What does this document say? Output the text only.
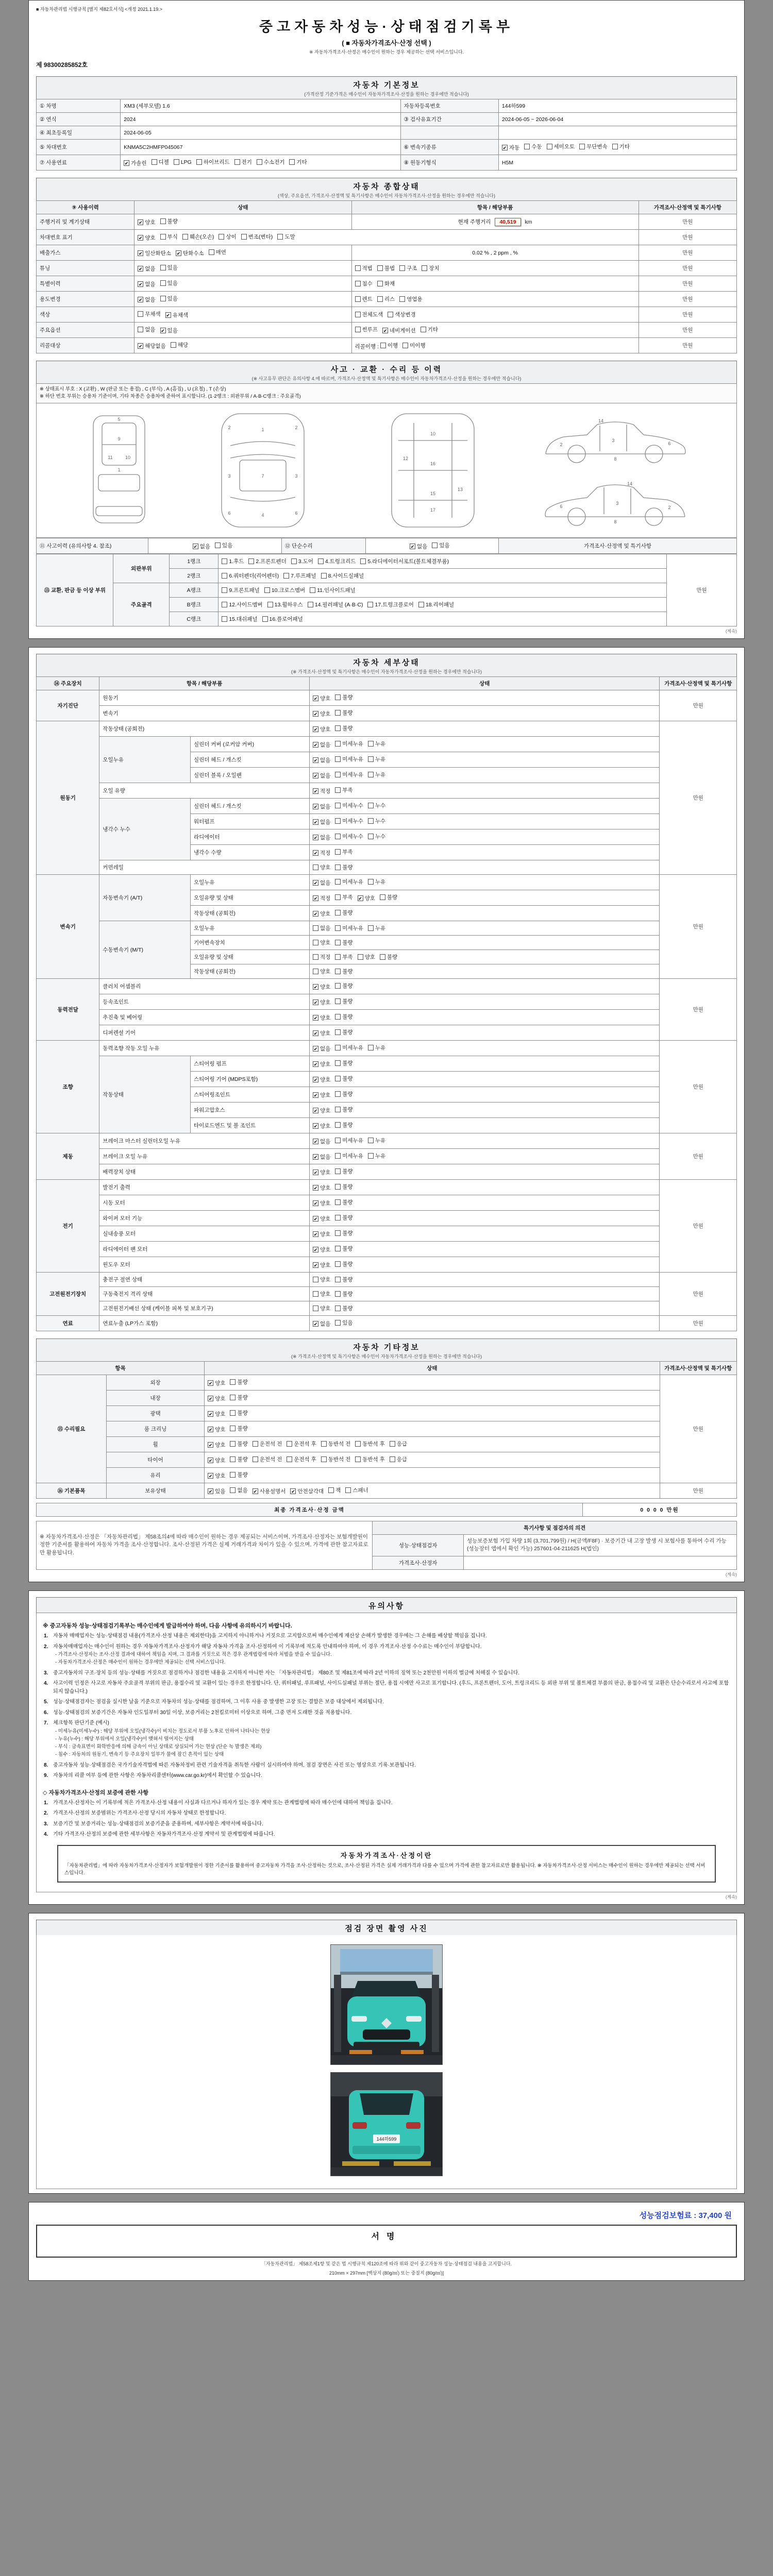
■ 자동차관리법 시행규칙 [별지 제82호서식] <개정 2021.1.19.>
중고자동차성능·상태점검기록부
( ■ 자동차가격조사·산정 선택 )
※ 자동차가격조사·산정은 매수인이 원하는 경우 제공하는 선택 서비스입니다.
제 98300285852호
자동차 기본정보
(가격산정 기준가격은 매수인이 자동차가격조사·산정을 원하는 경우에만 적습니다)
① 차명	XM3 (세부모델) 1.6	자동차등록번호	144하599
② 연식	2024	③ 검사유효기간	2024-06-05 ~ 2026-06-04
④ 최초등록일	2024-06-05		
⑤ 차대번호	KNMA5C2HMFP045067	⑥ 변속기종류	✔ 자동 수동 세미오토 무단변속 기타

⑦ 사용연료	✔ 가솔린 디젤 LPG 하이브리드 전기 수소전기 기타	⑧ 원동기형식	H5M
자동차 종합상태
(색상, 주요옵션, 가격조사·산정액 및 특기사항은 매수인이 자동차가격조사·산정을 원하는 경우에만 적습니다)
⑨ 사용이력	상태	항목 / 해당부품	가격조사·산정액 및 특기사항
주행거리 및 계기상태	✔ 양호 불량	현재 주행거리 40,519 km	만원
차대번호 표기	✔ 양호 부식 훼손(오손) 상이 변조(변타) 도말	만원
배출가스	✔ 일산화탄소 ✔ 탄화수소 매연	0.02 % , 2 ppm , %	만원
튜닝	✔ 없음 있음	적법 불법 구조 장치	만원
특별이력	✔ 없음 있음	침수 화재	만원
용도변경	✔ 없음 있음	렌트 리스 영업용	만원
색상	무채색 ✔ 유채색	전체도색 색상변경	만원
주요옵션	없음 ✔ 있음	썬루프 ✔ 네비게이션 기타	만원
리콜대상	✔ 해당없음 해당	리콜이행 : 이행 미이행	만원
사고 · 교환 · 수리 등 이력
(※ 사고유무 판단은 유의사항 4.에 따르며, 가격조사·산정액 및 특기사항은 매수인이 자동차가격조사·산정을 원하는 경우에만 적습니다)
※ 상태표시 부호 : X (교환) , W (판금 또는 용접) , C (부식) , A (흠집) , U (요철) , T (손상)
※ 하단 번호 부위는 승용차 기준이며, 기타 차종은 승용차에 준하여 표시합니다. (1·2랭크 : 외판부위 / A·B·C랭크 : 주요골격)
5
9
11	10
1
1
7
4
3	3
2	2
6	6
10
16
17
12
13
15
2
3
6
8
14
2
3
6
8
14
⑪ 사고이력 (유의사항 4. 참조)	✔ 없음 있음	⑫ 단순수리	✔ 없음 있음	가격조사·산정액 및 특기사항
⑬ 교환, 판금 등 이상 부위	외판부위	1랭크	1.후드 2.프론트펜더 3.도어 4.트렁크리드 5.라디에이터서포트(볼트체결부품)	만원
		2랭크	6.쿼터펜더(리어펜더) 7.루프패널 8.사이드실패널	

	주요골격	A랭크	9.프론트패널 10.크로스멤버 11.인사이드패널	

		B랭크	12.사이드멤버 13.휠하우스 14.필러패널 (A·B·C) 17.트렁크플로어 18.리어패널	

		C랭크	15.대쉬패널 16.플로어패널	
(계속)
자동차 세부상태
(※ 가격조사·산정액 및 특기사항은 매수인이 자동차가격조사·산정을 원하는 경우에만 적습니다)
⑭ 주요장치	항목 / 해당부품		상태	가격조사·산정액 및 특기사항
자기진단	원동기		✔ 양호 불량	만원
	변속기		✔ 양호 불량	

원동기	작동상태 (공회전)		✔ 양호 불량	만원
	오일누유	실린더 커버 (로커암 커버)	✔ 없음 미세누유 누유	

		실린더 헤드 / 개스킷	✔ 없음 미세누유 누유	

		실린더 블록 / 오일팬	✔ 없음 미세누유 누유	

	오일 유량		✔ 적정 부족	

	냉각수 누수	실린더 헤드 / 개스킷	✔ 없음 미세누수 누수	

		워터펌프	✔ 없음 미세누수 누수	

		라디에이터	✔ 없음 미세누수 누수	

		냉각수 수량	✔ 적정 부족	

	커먼레일		양호 불량	

변속기	자동변속기 (A/T)	오일누유	✔ 없음 미세누유 누유	만원
오일유량 및 상태	✔ 적정 부족 ✔ 양호 불량

		작동상태 (공회전)	✔ 양호 불량	

	수동변속기 (M/T)	오일누유	없음 미세누유 누유	

		기어변속장치	양호 불량	

		오일유량 및 상태	적정 부족 양호 불량	

		작동상태 (공회전)	양호 불량	

동력전달	클러치 어셈블리		✔ 양호 불량	만원
	등속조인트		✔ 양호 불량	

	추진축 및 베어링		✔ 양호 불량	

	디퍼렌셜 기어		✔ 양호 불량	

조향	동력조향 작동 오일 누유		✔ 없음 미세누유 누유	만원
	작동상태	스티어링 펌프	✔ 양호 불량	

		스티어링 기어 (MDPS포함)	✔ 양호 불량	

		스티어링조인트	✔ 양호 불량	

		파워고압호스	✔ 양호 불량	

		타이로드엔드 및 볼 조인트	✔ 양호 불량	

제동	브레이크 마스터 실린더오일 누유		✔ 없음 미세누유 누유	만원
	브레이크 오일 누유		✔ 없음 미세누유 누유	

	배력장치 상태		✔ 양호 불량	

전기	발전기 출력		✔ 양호 불량	만원
	시동 모터		✔ 양호 불량	

	와이퍼 모터 기능		✔ 양호 불량	

	실내송풍 모터		✔ 양호 불량	

	라디에이터 팬 모터		✔ 양호 불량	

	윈도우 모터		✔ 양호 불량	

고전원전기장치	충전구 절연 상태		양호 불량	만원
	구동축전지 격리 상태		양호 불량	

	고전원전기배선 상태 (케이블 피복 및 보호기구)		양호 불량	

연료	연료누출 (LP가스 포함)		✔ 없음 있음	만원
자동차 기타정보
(※ 가격조사·산정액 및 특기사항은 매수인이 자동차가격조사·산정을 원하는 경우에만 적습니다)
항목		상태	가격조사·산정액 및 특기사항
⑮ 수리필요	외장	✔ 양호 불량	만원
	내장	✔ 양호 불량	

	광택	✔ 양호 불량	

	룸 크리닝	✔ 양호 불량	

휠	✔ 양호 불량 운전석 전 운전석 후 동반석 전 동반석 후 응급

타이어	✔ 양호 불량 운전석 전 운전석 후 동반석 전 동반석 후 응급

	유리	✔ 양호 불량	

⑯ 기본품목	보유상태	✔ 있음 없음 ✔ 사용설명서 ✔ 안전삼각대 잭 스패너	만원
최종 가격조사·산정 금액	0 0 0 0 만원
※ 자동차가격조사·산정은 「자동차관리법」 제58조의4에 따라 매수인이 원하는 경우 제공되는 서비스이며, 가격조사·산정자는 보험개발원이 정한 기준서를 활용하여 자동차 가격을 조사·산정합니다. 조사·산정된 가격은 실제 거래가격과 차이가 있을 수 있으며, 가격에 관한 참고자료로만 활용됩니다.	특기사항 및 점검자의 의견	
	성능·상태점검자	성능보증보험 가입 차량 1회 (3,701,799원) / H(금액/F8F) · 보증기간 내 고장 발생 시 보험사를 통하여 수리 가능 (성능장터 앱에서 확인 가능) 257601-04-211625 H(법인)
	가격조사·산정자	
(계속)
유의사항
※ 중고자동차 성능·상태점검기록부는 매수인에게 발급하여야 하며, 다음 사항에 유의하시기 바랍니다.
1. 자동차 매매업자는 성능·상태점검 내용(가격조사·산정 내용은 제외한다)을 고지하지 아니하거나 거짓으로 고지함으로써 매수인에게 재산상 손해가 발생한 경우에는 그 손해를 배상할 책임을 집니다.
2. 자동차매매업자는 매수인이 원하는 경우 자동차가격조사·산정자가 해당 자동차 가격을 조사·산정하여 이 기록부에 적도록 안내하여야 하며, 이 경우 가격조사·산정 수수료는 매수인이 부담합니다.
- 가격조사·산정자는 조사·산정 결과에 대하여 책임을 지며, 그 결과를 거짓으로 적은 경우 관계법령에 따라 처벌을 받을 수 있습니다.
- 자동차가격조사·산정은 매수인이 원하는 경우에만 제공되는 선택 서비스입니다.
3. 중고자동차의 구조·장치 등의 성능·상태를 거짓으로 점검하거나 점검한 내용을 고지하지 아니한 자는 「자동차관리법」 제80조 및 제81조에 따라 2년 이하의 징역 또는 2천만원 이하의 벌금에 처해질 수 있습니다.
4. 사고이력 인정은 사고로 자동차 주요골격 부위의 판금, 용접수리 및 교환이 있는 경우로 한정합니다. 단, 쿼터패널, 루프패널, 사이드실패널 부위는 절단, 용접 시에만 사고로 표기합니다. (후드, 프론트펜더, 도어, 트렁크리드 등 외판 부위 및 볼트체결 부품의 판금, 용접수리 및 교환은 단순수리로서 사고에 포함되지 않습니다.)
5. 성능·상태점검자는 점검을 실시한 날을 기준으로 자동차의 성능·상태를 점검하며, 그 이후 사용 중 발생한 고장 또는 결함은 보증 대상에서 제외됩니다.
6. 성능·상태점검의 보증기간은 자동차 인도일부터 30일 이상, 보증거리는 2천킬로미터 이상으로 하며, 그중 먼저 도래한 것을 적용합니다.
7. 체크항목 판단기준 (예시)
- 미세누유(미세누수) : 해당 부위에 오일(냉각수)이 비치는 정도로서 부품 노후로 인하여 나타나는 현상
- 누유(누수) : 해당 부위에서 오일(냉각수)이 맺혀서 떨어지는 상태
- 부식 : 금속표면이 화학반응에 의해 금속이 아닌 상태로 상실되어 가는 현상 (단순 녹 발생은 제외)
- 침수 : 자동차의 원동기, 변속기 등 주요장치 일부가 물에 잠긴 흔적이 있는 상태
8. 중고자동차 성능·상태점검은 국가기술자격법에 따른 자동차정비 관련 기술자격을 취득한 사람이 실시하여야 하며, 점검 장면은 사진 또는 영상으로 기록·보관됩니다.
9. 자동차의 리콜 여부 등에 관한 사항은 자동차리콜센터(www.car.go.kr)에서 확인할 수 있습니다.
◇ 자동차가격조사·산정의 보증에 관한 사항
1. 가격조사·산정자는 이 기록부에 적은 가격조사·산정 내용이 사실과 다르거나 하자가 있는 경우 계약 또는 관계법령에 따라 매수인에 대하여 책임을 집니다.
2. 가격조사·산정의 보증범위는 가격조사·산정 당시의 자동차 상태로 한정합니다.
3. 보증기간 및 보증거리는 성능·상태점검의 보증기준을 준용하며, 세부사항은 계약서에 따릅니다.
4. 기타 가격조사·산정의 보증에 관한 세부사항은 자동차가격조사·산정 계약서 및 관계법령에 따릅니다.
자동차가격조사·산정이란
「자동차관리법」에 따라 자동차가격조사·산정자가 보험개발원이 정한 기준서를 활용하여 중고자동차 가격을 조사·산정하는 것으로, 조사·산정된 가격은 실제 거래가격과 다를 수 있으며 가격에 관한 참고자료로만 활용됩니다. ※ 자동차가격조사·산정 서비스는 매수인이 원하는 경우에만 제공되는 선택 서비스입니다.
(계속)
점검 장면 촬영 사진
144하599
성능점검보험료 : 37,400 원
서명
「자동차관리법」 제58조제1항 및 같은 법 시행규칙 제120조에 따라 위와 같이 중고자동차 성능·상태점검 내용을 고지합니다.
210mm × 297mm [백상지 (80g/㎡) 또는 중질지 (80g/㎡)]
